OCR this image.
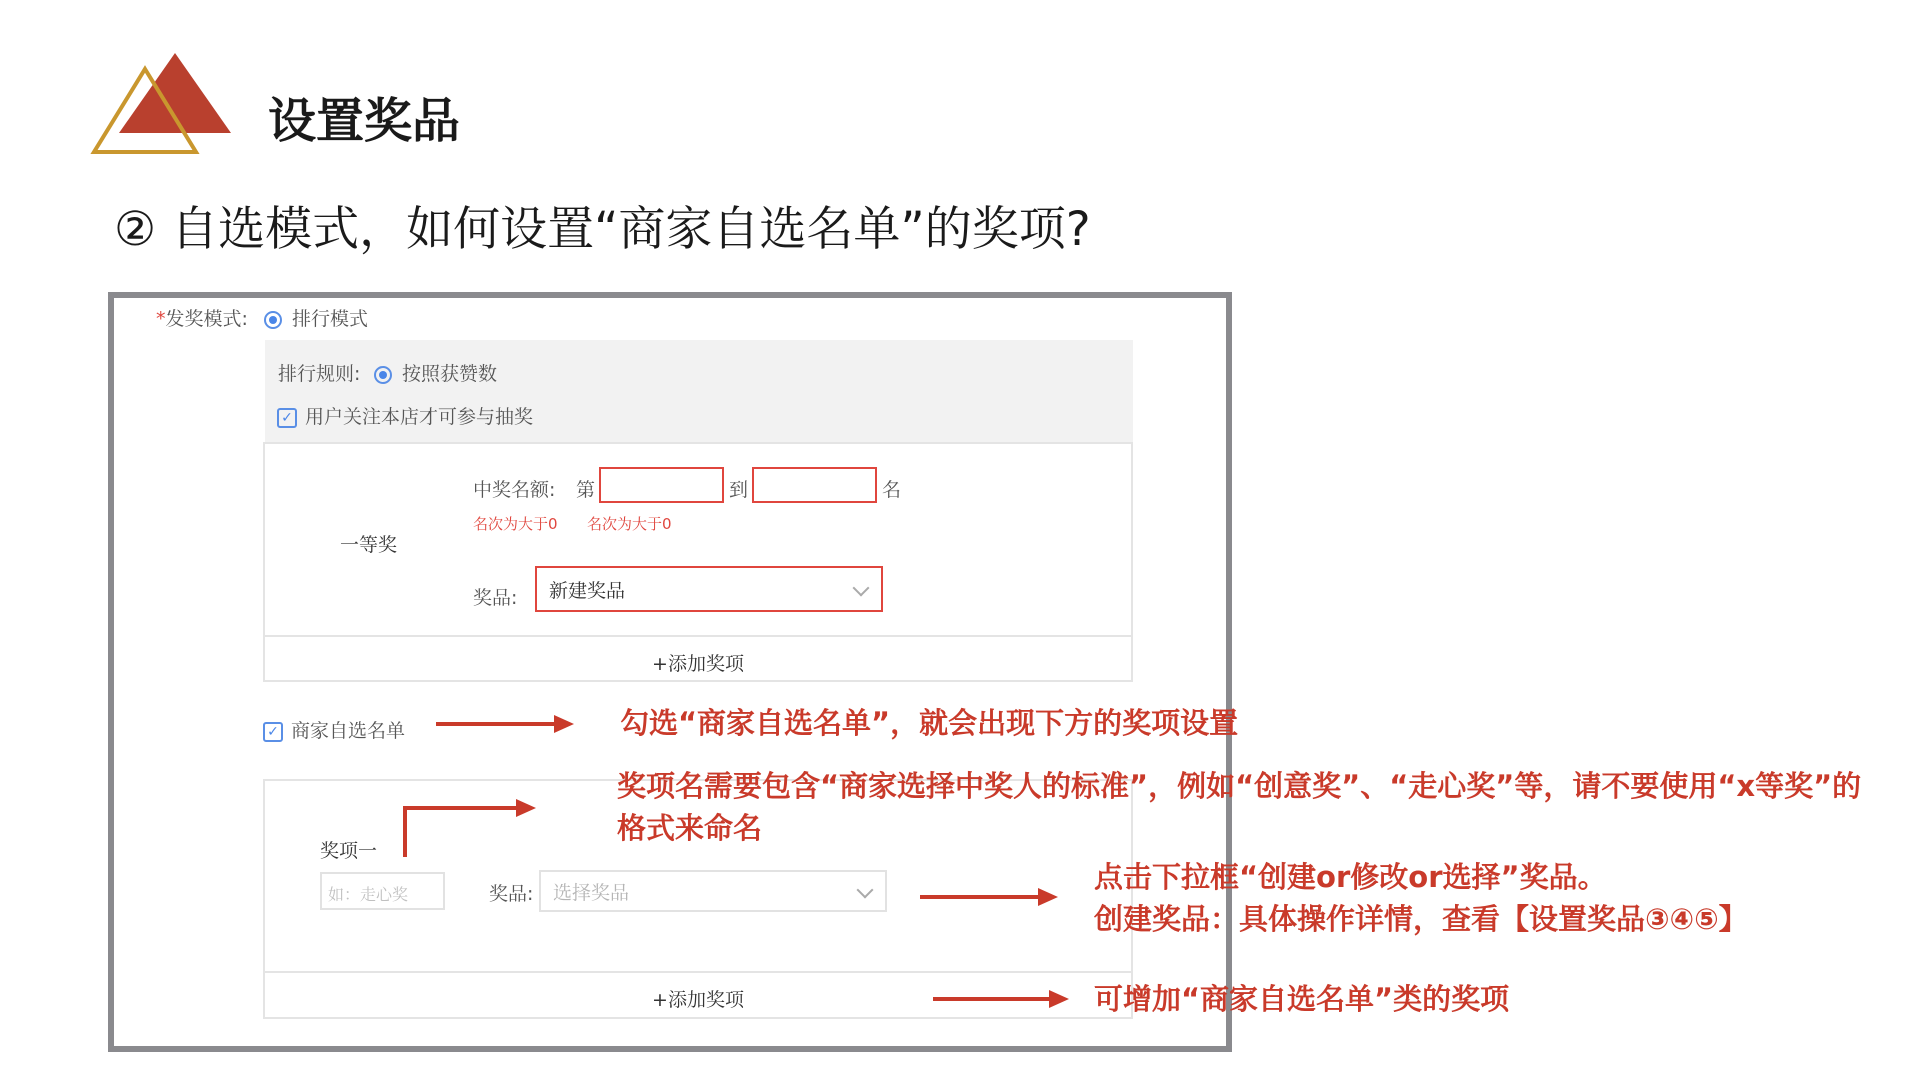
设置奖品
② 自选模式，如何设置“商家自选名单”的奖项?
*发奖模式:	排行模式
排行规则:	按照获赞数
✓ 用户关注本店才可参与抽奖
+添加奖项
一等奖
中奖名额: 第	到	名
名次为大于0 名次为大于0
奖品: 新建奖品
✓ 商家自选名单
+添加奖项
奖项一
如：走心奖	奖品: 选择奖品
勾选“商家自选名单”，就会出现下方的奖项设置
奖项名需要包含“商家选择中奖人的标准”，例如“创意奖”、“走心奖”等，请不要使用“x等奖”的
格式来命名
点击下拉框“创建or修改or选择”奖品。
创建奖品：具体操作详情，查看【设置奖品③④⑤】
可增加“商家自选名单”类的奖项
